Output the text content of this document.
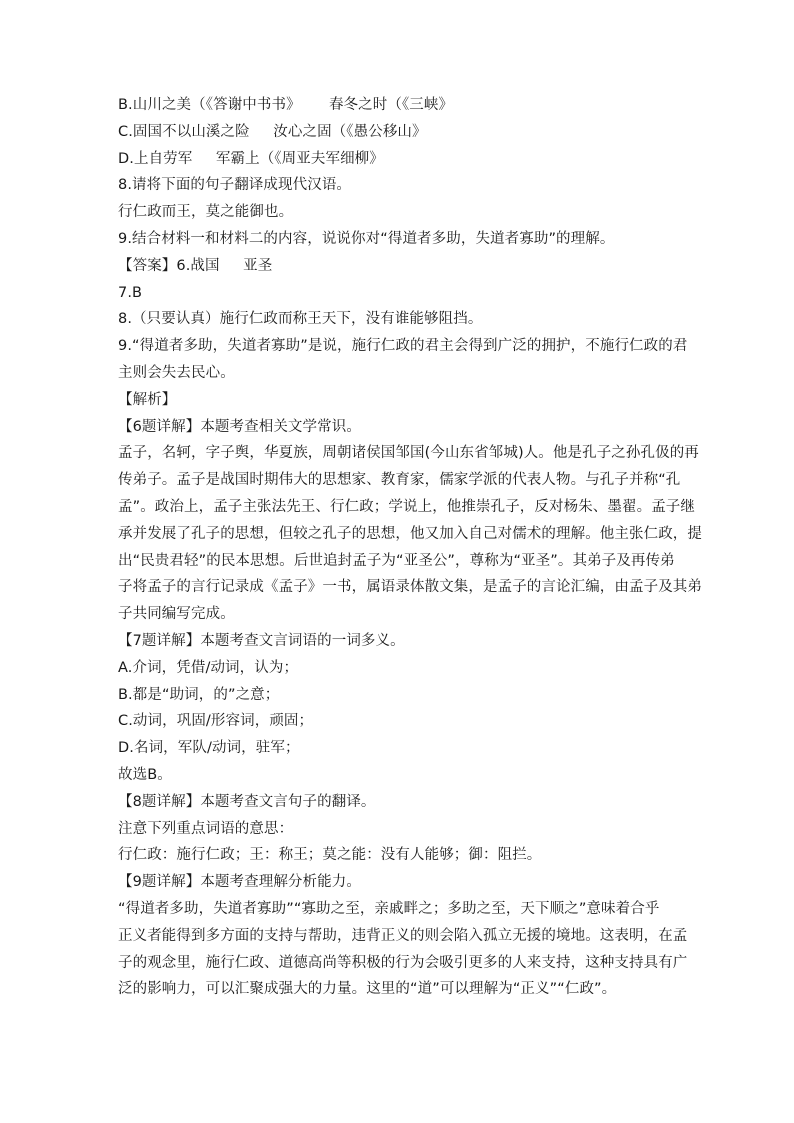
B.山川之美（《答谢中书书》      春冬之时（《三峡》
C.固国不以山溪之险     汝心之固（《愚公移山》
D.上自劳军     军霸上（《周亚夫军细柳》
8.请将下面的句子翻译成现代汉语。
行仁政而王，莫之能御也。
9.结合材料一和材料二的内容，说说你对“得道者多助，失道者寡助”的理解。
【答案】6.战国     亚圣
7.B
8.（只要认真）施行仁政而称王天下，没有谁能够阻挡。
9.“得道者多助，失道者寡助”是说，施行仁政的君主会得到广泛的拥护，不施行仁政的君
主则会失去民心。
【解析】
【6题详解】本题考查相关文学常识。
孟子，名轲，字子舆，华夏族，周朝诸侯国邹国(今山东省邹城)人。他是孔子之孙孔伋的再
传弟子。孟子是战国时期伟大的思想家、教育家，儒家学派的代表人物。与孔子并称“孔
孟”。政治上，孟子主张法先王、行仁政；学说上，他推崇孔子，反对杨朱、墨翟。孟子继
承并发展了孔子的思想，但较之孔子的思想，他又加入自己对儒术的理解。他主张仁政，提
出“民贵君轻”的民本思想。后世追封孟子为“亚圣公”，尊称为“亚圣”。其弟子及再传弟
子将孟子的言行记录成《孟子》一书，属语录体散文集，是孟子的言论汇编，由孟子及其弟
子共同编写完成。
【7题详解】本题考查文言词语的一词多义。
A.介词，凭借/动词，认为；
B.都是“助词，的”之意；
C.动词，巩固/形容词，顽固；
D.名词，军队/动词，驻军；
故选B。
【8题详解】本题考查文言句子的翻译。
注意下列重点词语的意思：
行仁政：施行仁政；王：称王；莫之能：没有人能够；御：阻拦。
【9题详解】本题考查理解分析能力。
“得道者多助，失道者寡助”“寡助之至，亲戚畔之；多助之至，天下顺之”意味着合乎
正义者能得到多方面的支持与帮助，违背正义的则会陷入孤立无援的境地。这表明，在孟
子的观念里，施行仁政、道德高尚等积极的行为会吸引更多的人来支持，这种支持具有广
泛的影响力，可以汇聚成强大的力量。这里的“道”可以理解为“正义”“仁政”。
